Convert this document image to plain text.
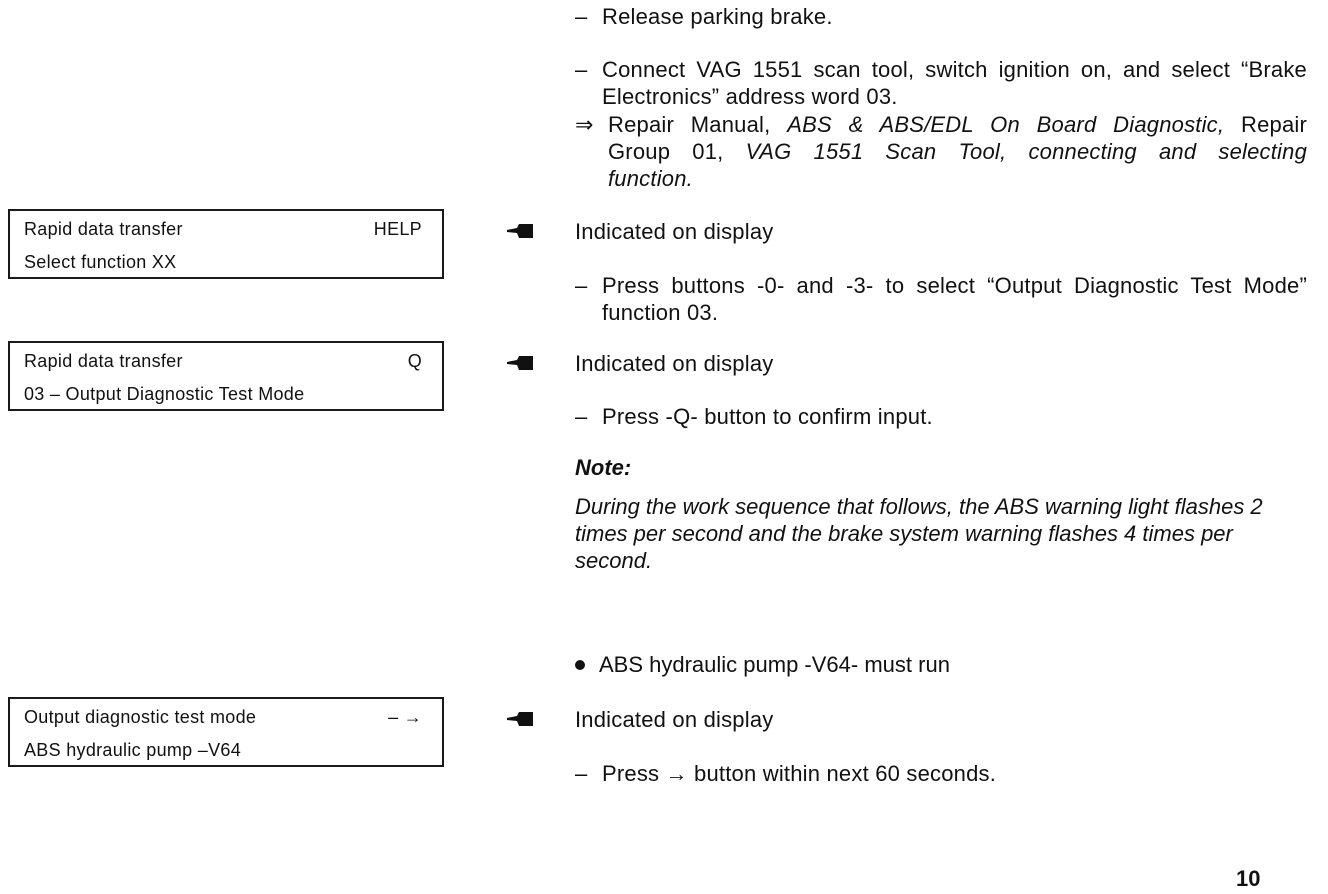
– Release parking brake.
– Connect VAG 1551 scan tool, switch ignition on, and select “Brake Electronics” address word 03.
⇒ Repair Manual, ABS & ABS/EDL On Board Diagnostic, Repair
Group 01, VAG 1551 Scan Tool, connecting and selecting
function.
Rapid data transfer	HELP
Select function XX
Indicated on display
– Press buttons -0- and -3- to select “Output Diagnostic Test Mode” function 03.
Rapid data transfer	Q
03 – Output Diagnostic Test Mode
Indicated on display
– Press -Q- button to confirm input.
Note:
During the work sequence that follows, the ABS warning light flashes 2 times per second and the brake system warning flashes 4 times per second.
ABS hydraulic pump -V64- must run
Output diagnostic test mode	– →
ABS hydraulic pump –V64
Indicated on display
– Press → button within next 60 seconds.
10
